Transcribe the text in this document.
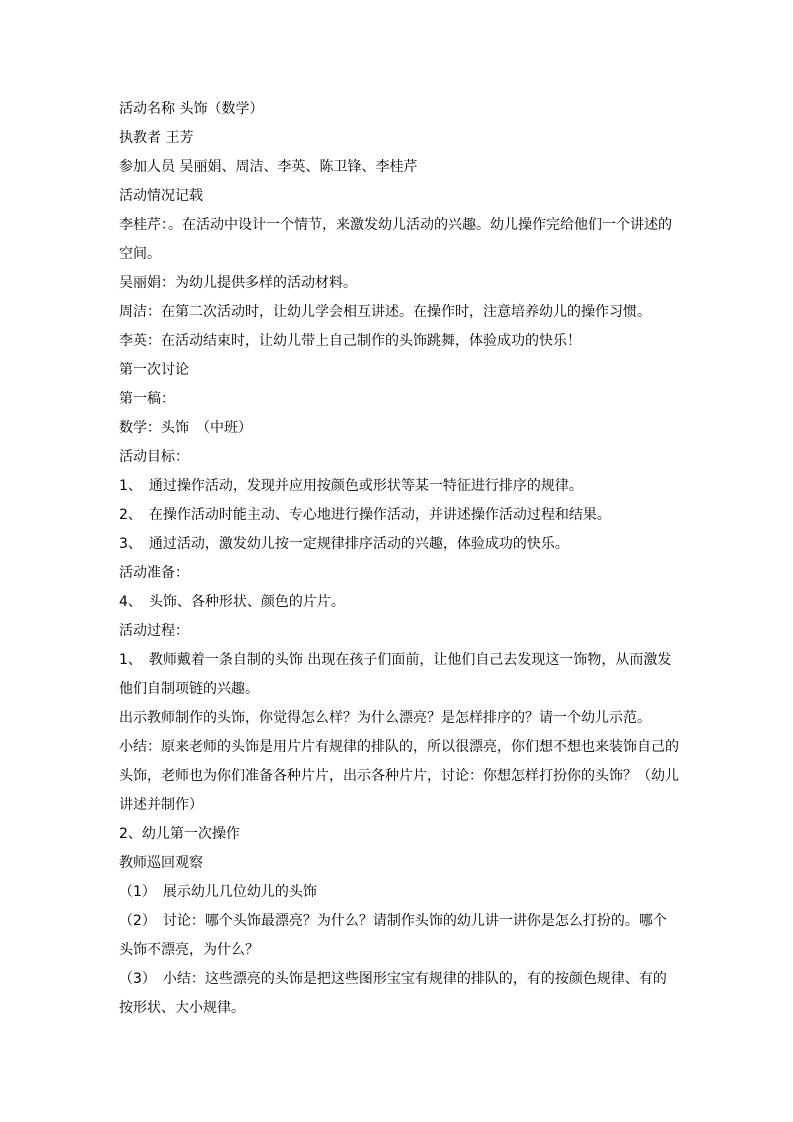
活动名称 头饰（数学）
执教者 王芳
参加人员 吴丽娟、周洁、李英、陈卫锋、李桂芹
活动情况记载
李桂芹：。在活动中设计一个情节，来激发幼儿活动的兴趣。幼儿操作完给他们一个讲述的
空间。
吴丽娟：为幼儿提供多样的活动材料。
周洁：在第二次活动时，让幼儿学会相互讲述。在操作时，注意培养幼儿的操作习惯。
李英：在活动结束时，让幼儿带上自己制作的头饰跳舞，体验成功的快乐！
第一次讨论
第一稿：
数学：头饰　（中班）
活动目标：
1、　通过操作活动，发现并应用按颜色或形状等某一特征进行排序的规律。
2、　在操作活动时能主动、专心地进行操作活动，并讲述操作活动过程和结果。
3、　通过活动，激发幼儿按一定规律排序活动的兴趣，体验成功的快乐。
活动准备：
4、　头饰、各种形状、颜色的片片。
活动过程：
1、　教师戴着一条自制的头饰 出现在孩子们面前，让他们自己去发现这一饰物，从而激发
他们自制项链的兴趣。
出示教师制作的头饰，你觉得怎么样？为什么漂亮？是怎样排序的？请一个幼儿示范。
小结：原来老师的头饰是用片片有规律的排队的，所以很漂亮，你们想不想也来装饰自己的
头饰，老师也为你们准备各种片片，出示各种片片，讨论：你想怎样打扮你的头饰？（幼儿
讲述并制作）
2、幼儿第一次操作
教师巡回观察
（1）　展示幼儿几位幼儿的头饰
（2）　讨论：哪个头饰最漂亮？为什么？请制作头饰的幼儿讲一讲你是怎么打扮的。哪个
头饰不漂亮，为什么？
（3）　小结：这些漂亮的头饰是把这些图形宝宝有规律的排队的，有的按颜色规律、有的
按形状、大小规律。
